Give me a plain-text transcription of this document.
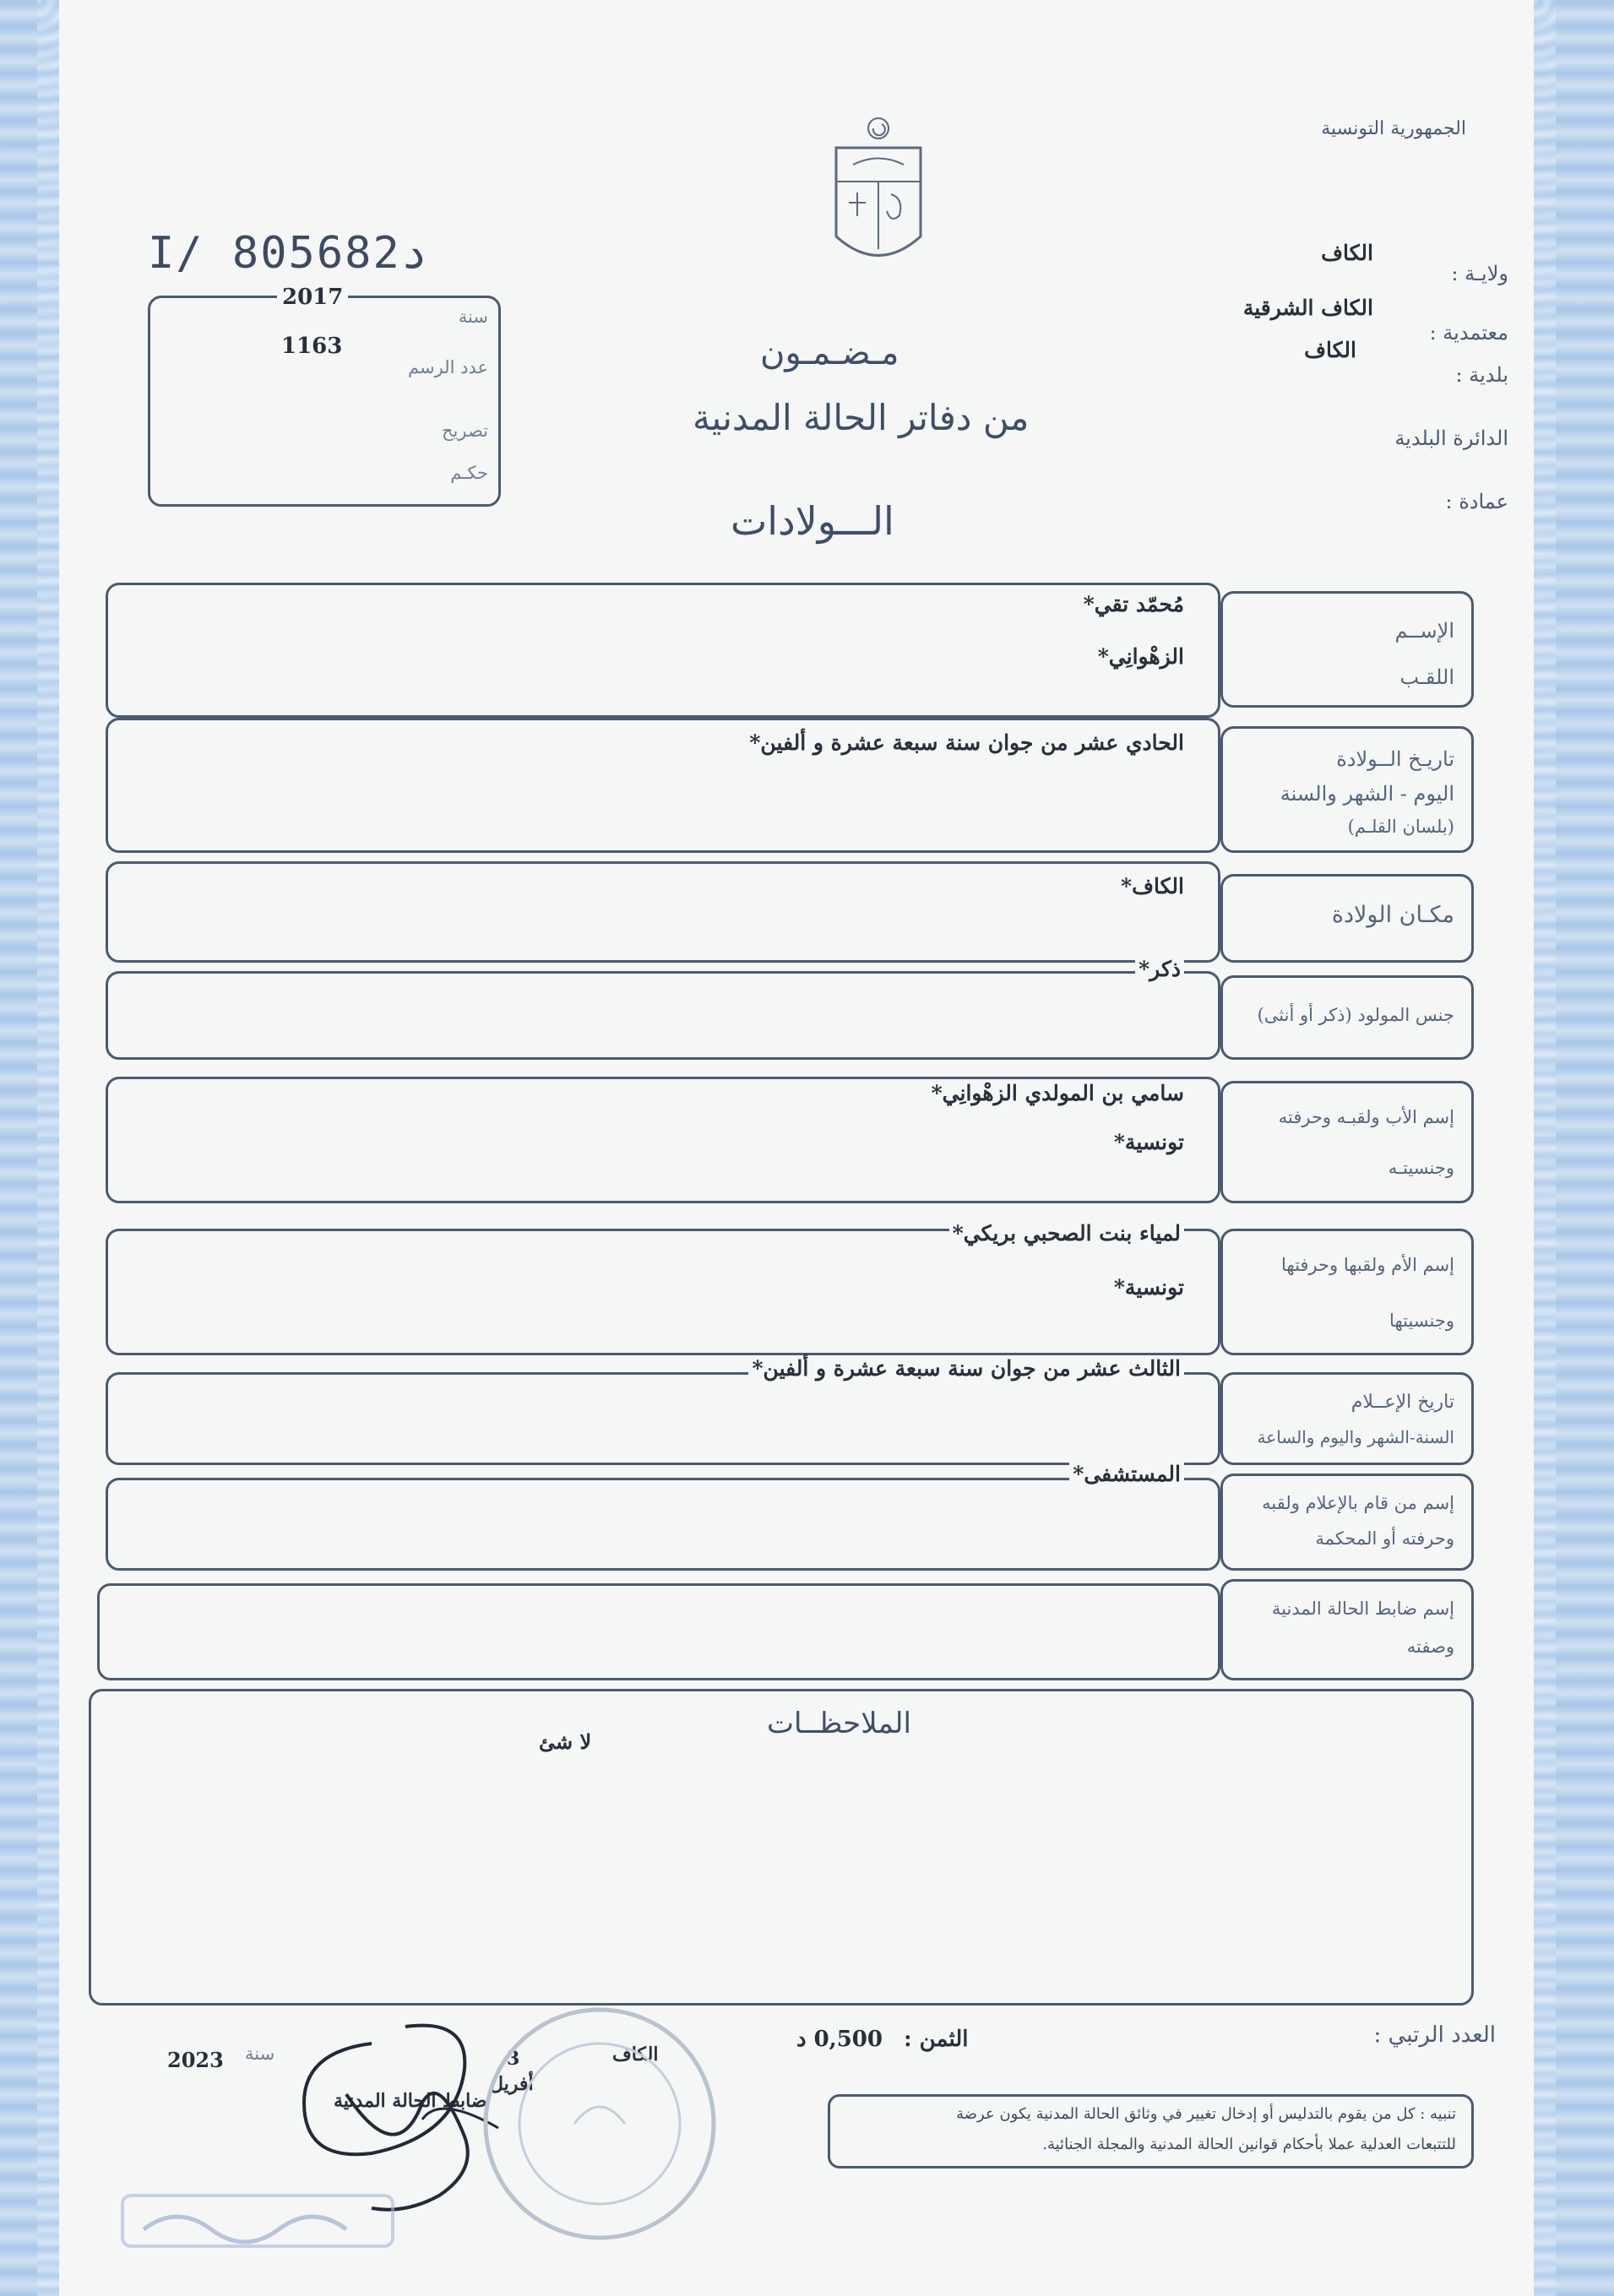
الجمهورية التونسية
I/ 805682د
2017
سنة
1163
عدد الرسم
تصريح
حكـم
ولايـة :
الكاف
معتمدية :
الكاف الشرقية
بلدية :
الكاف
الدائرة البلدية
عمادة :
مـضـمـون
من دفاتر الحالة المدنية
الـــولادات
مُحمّد تقي*
الزهْوانِي*
الإســم
اللقـب
الحادي عشر من جوان سنة سبعة عشرة و ألفين*
تاريـخ الــولادة
اليوم - الشهر والسنة
(بلسان القلـم)
الكاف*
مكـان الولادة
ذكر*
جنس المولود (ذكر أو أنثى)
سامي بن المولدي الزهْوانِي*
تونسية*
إسم الأب ولقبـه وحرفته
وجنسيتـه
لمياء بنت الصحبي بريكي*
تونسية*
إسم الأم ولقبها وحرفتها
وجنسيتها
الثالث عشر من جوان سنة سبعة عشرة و ألفين*
تاريخ الإعــلام
السنة-الشهر واليوم والساعة
المستشفى*
إسم من قام بالإعلام ولقبه
وحرفته أو المحكمة
إسم ضابط الحالة المدنية
وصفته
الملاحظــات
لا شئ
العدد الرتبي :
الثمن :
0,500 د
الكاف
3
أفريل
سنة
2023
ضابط الحالة المدنية
تنبيه : كل من يقوم بالتدليس أو إدخال تغيير في وثائق الحالة المدنية يكون عرضة
للتتبعات العدلية عملا بأحكام قوانين الحالة المدنية والمجلة الجنائية.
